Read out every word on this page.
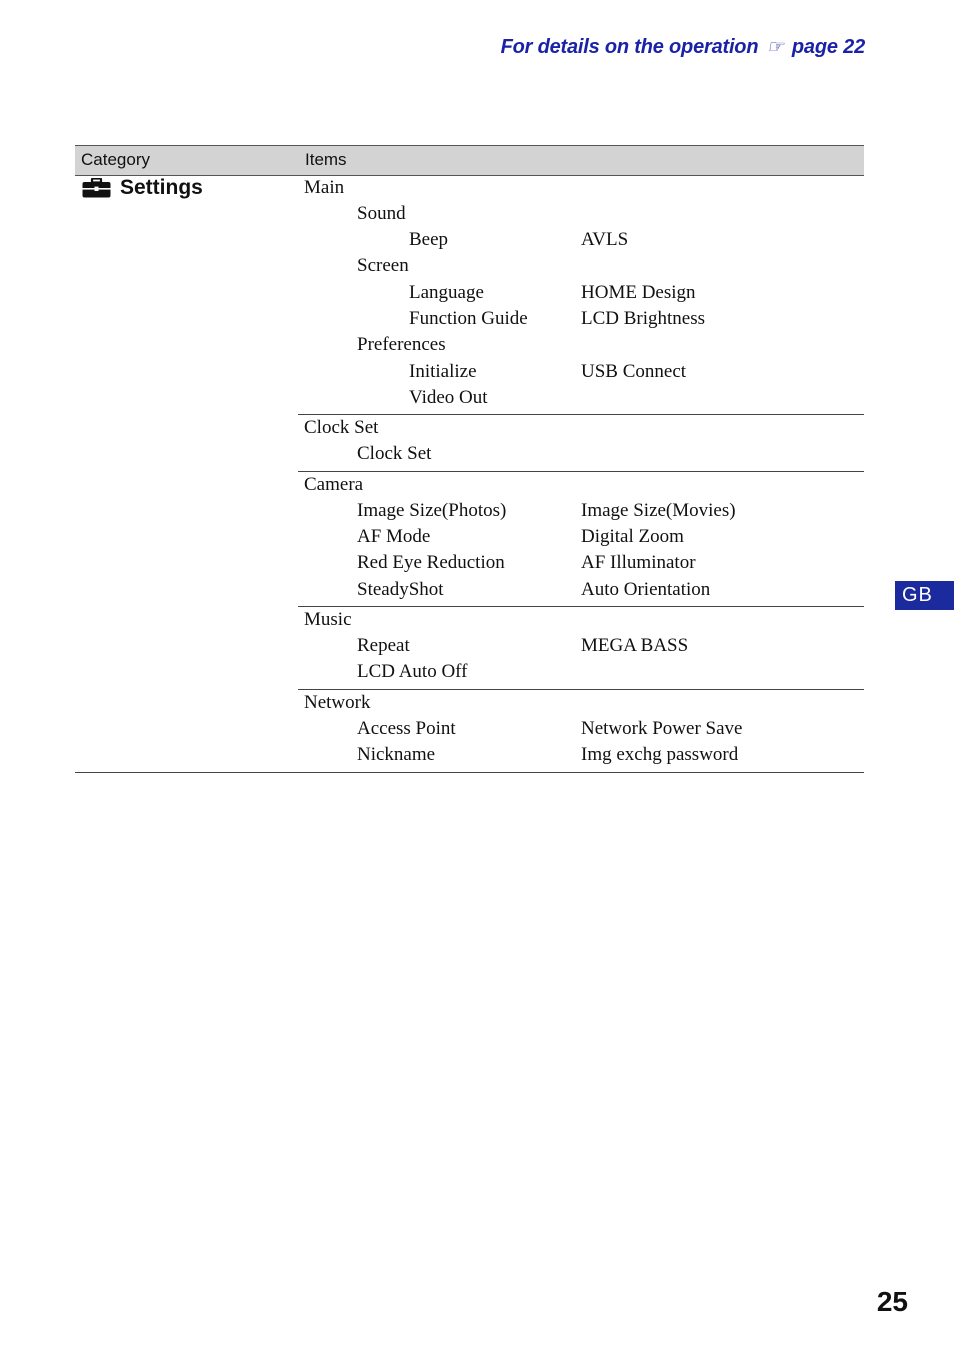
For details on the operation ☞ page 22
Category	Items
Settings	Main
Sound
Beep	AVLS
Screen
Language	HOME Design
Function Guide	LCD Brightness
Preferences
Initialize	USB Connect
Video Out
Clock Set
Clock Set
Camera
Image Size(Photos)	Image Size(Movies)
AF Mode	Digital Zoom
Red Eye Reduction	AF Illuminator
SteadyShot	Auto Orientation
Music
Repeat	MEGA BASS
LCD Auto Off
Network
Access Point	Network Power Save
Nickname	Img exchg password
GB
25
